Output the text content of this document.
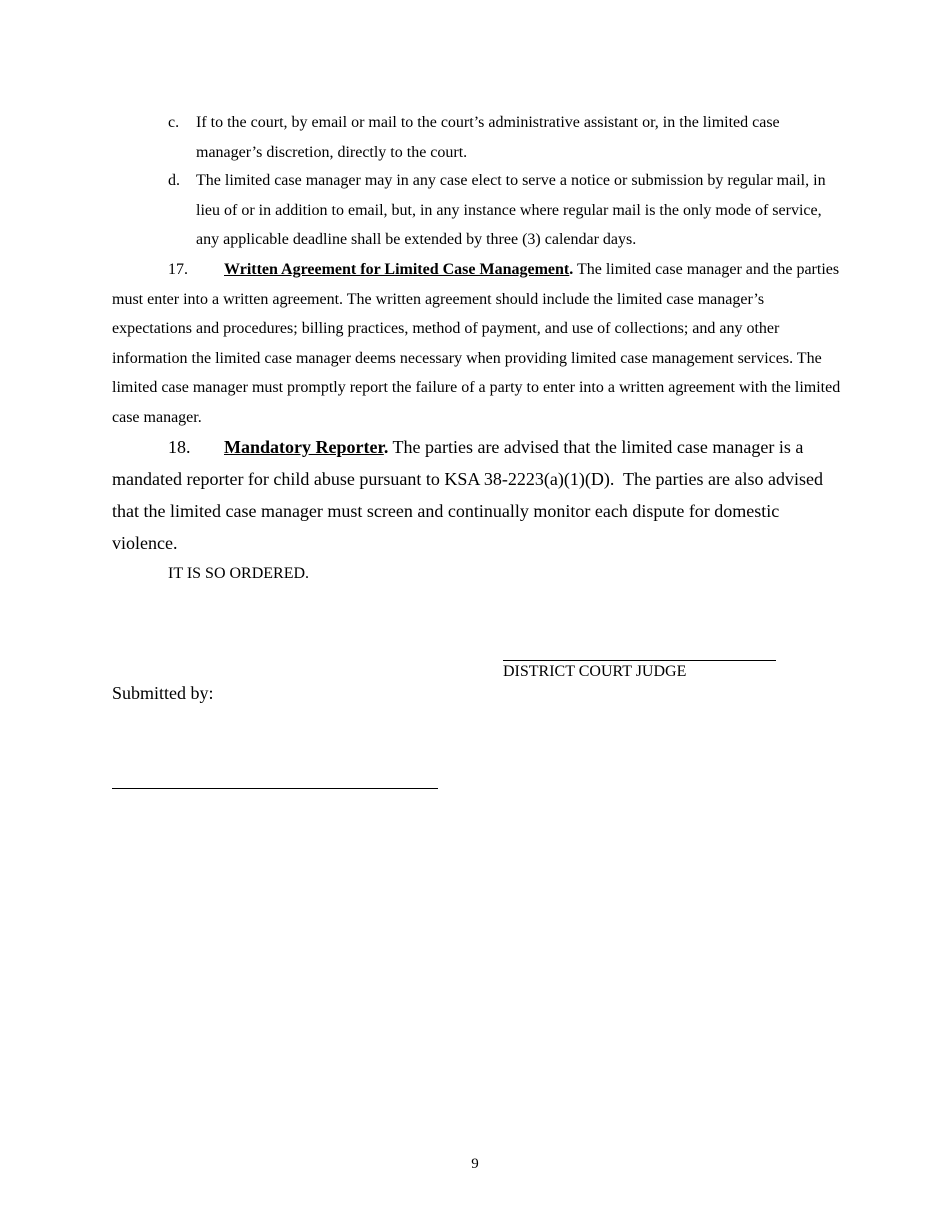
c. If to the court, by email or mail to the court’s administrative assistant or, in the limited case manager’s discretion, directly to the court.
d. The limited case manager may in any case elect to serve a notice or submission by regular mail, in lieu of or in addition to email, but, in any instance where regular mail is the only mode of service, any applicable deadline shall be extended by three (3) calendar days.
17. Written Agreement for Limited Case Management. The limited case manager and the parties must enter into a written agreement. The written agreement should include the limited case manager’s expectations and procedures; billing practices, method of payment, and use of collections; and any other information the limited case manager deems necessary when providing limited case management services. The limited case manager must promptly report the failure of a party to enter into a written agreement with the limited case manager.
18. Mandatory Reporter. The parties are advised that the limited case manager is a mandated reporter for child abuse pursuant to KSA 38-2223(a)(1)(D).  The parties are also advised that the limited case manager must screen and continually monitor each dispute for domestic violence.
IT IS SO ORDERED.
DISTRICT COURT JUDGE
Submitted by:
9
